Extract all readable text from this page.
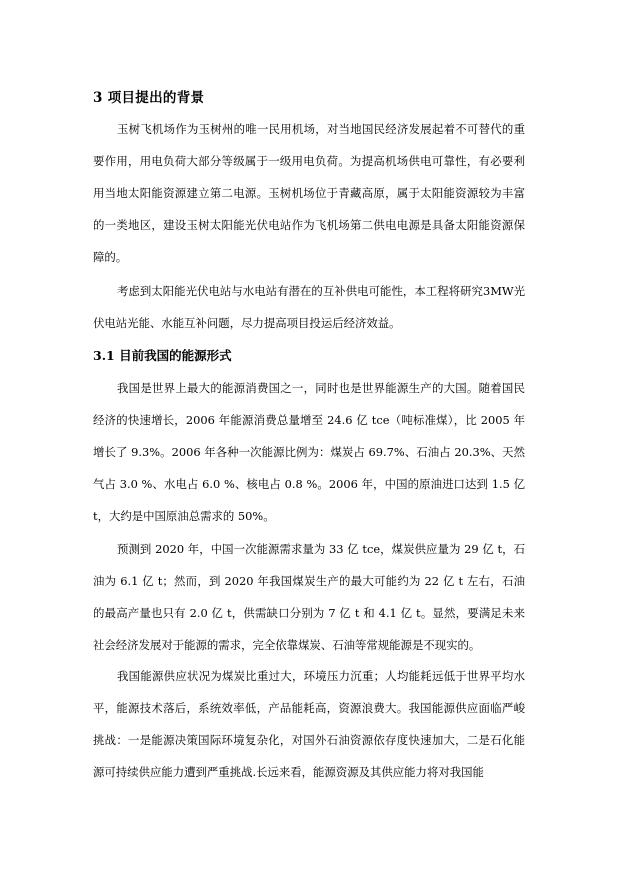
3 项目提出的背景

玉树飞机场作为玉树州的唯一民用机场，对当地国民经济发展起着不可替代的重要作用，用电负荷大部分等级属于一级用电负荷。为提高机场供电可靠性，有必要利用当地太阳能资源建立第二电源。玉树机场位于青藏高原，属于太阳能资源较为丰富的一类地区，建设玉树太阳能光伏电站作为飞机场第二供电电源是具备太阳能资源保障的。

考虑到太阳能光伏电站与水电站有潜在的互补供电可能性，本工程将研究3MW光伏电站光能、水能互补问题，尽力提高项目投运后经济效益。

3.1 目前我国的能源形式

我国是世界上最大的能源消费国之一，同时也是世界能源生产的大国。随着国民经济的快速增长，2006 年能源消费总量增至 24.6 亿 tce（吨标准煤），比 2005 年增长了 9.3%。2006 年各种一次能源比例为：煤炭占 69.7%、石油占 20.3%、天然气占 3.0 %、水电占 6.0 %、核电占 0.8 %。2006 年，中国的原油进口达到 1.5 亿 t，大约是中国原油总需求的 50%。

预测到 2020 年，中国一次能源需求量为 33 亿 tce，煤炭供应量为 29 亿 t，石油为 6.1 亿 t；然而，到 2020 年我国煤炭生产的最大可能约为 22 亿 t 左右，石油的最高产量也只有 2.0 亿 t，供需缺口分别为 7 亿 t 和 4.1 亿 t。显然，要满足未来社会经济发展对于能源的需求，完全依靠煤炭、石油等常规能源是不现实的。

我国能源供应状况为煤炭比重过大，环境压力沉重；人均能耗远低于世界平均水平，能源技术落后，系统效率低，产品能耗高，资源浪费大。我国能源供应面临严峻挑战：一是能源决策国际环境复杂化，对国外石油资源依存度快速加大，二是石化能源可持续供应能力遭到严重挑战.长远来看，能源资源及其供应能力将对我国能
